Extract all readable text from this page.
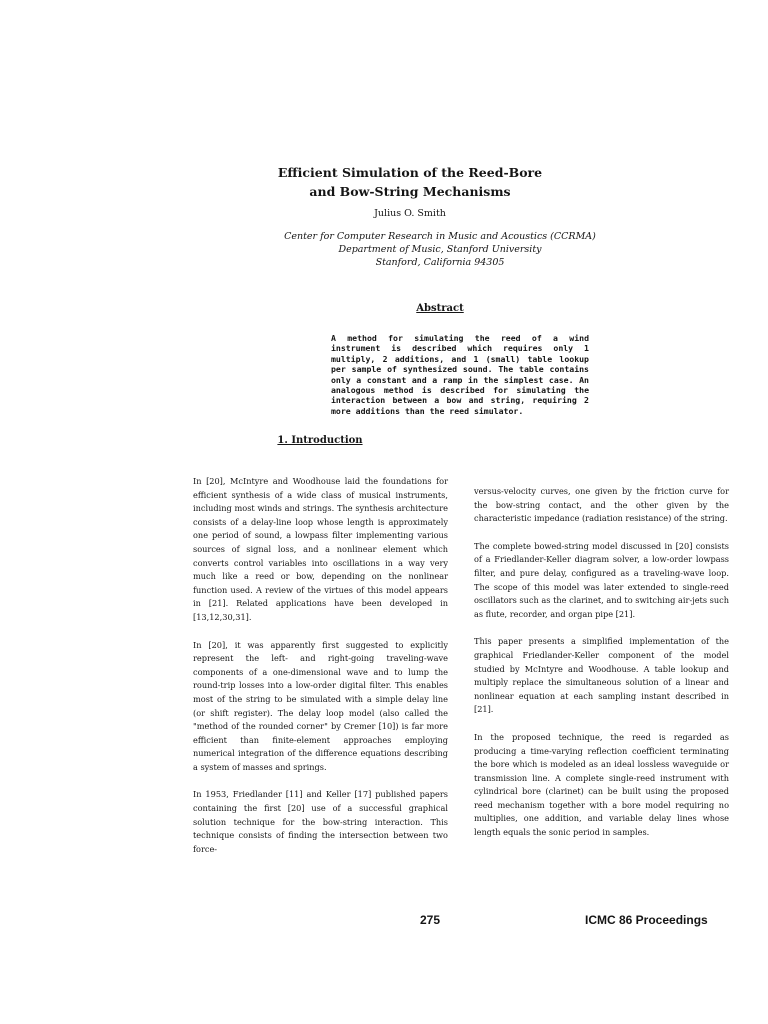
Efficient Simulation of the Reed-Bore
and Bow-String Mechanisms
Julius O. Smith
Center for Computer Research in Music and Acoustics (CCRMA)
Department of Music, Stanford University
Stanford, California 94305
Abstract

A method for simulating the reed of a wind instrument is described which requires only 1 multiply, 2 additions, and 1 (small) table lookup per sample of synthesized sound. The table contains only a constant and a ramp in the simplest case. An analogous method is described for simulating the interaction between a bow and string, requiring 2 more additions than the reed simulator.

1. Introduction

In [20], McIntyre and Woodhouse laid the foundations for efficient synthesis of a wide class of musical instruments, including most winds and strings. The synthesis architecture consists of a delay-line loop whose length is approximately one period of sound, a lowpass filter implementing various sources of signal loss, and a nonlinear element which converts control variables into oscillations in a way very much like a reed or bow, depending on the nonlinear function used. A review of the virtues of this model appears in [21]. Related applications have been developed in [13,12,30,31].

In [20], it was apparently first suggested to explicitly represent the left- and right-going traveling-wave components of a one-dimensional wave and to lump the round-trip losses into a low-order digital filter. This enables most of the string to be simulated with a simple delay line (or shift register). The delay loop model (also called the "method of the rounded corner" by Cremer [10]) is far more efficient than finite-element approaches employing numerical integration of the difference equations describing a system of masses and springs.

In 1953, Friedlander [11] and Keller [17] published papers containing the first [20] use of a successful graphical solution technique for the bow-string interaction. This technique consists of finding the intersection between two force-

versus-velocity curves, one given by the friction curve for the bow-string contact, and the other given by the characteristic impedance (radiation resistance) of the string.

The complete bowed-string model discussed in [20] consists of a Friedlander-Keller diagram solver, a low-order lowpass filter, and pure delay, configured as a traveling-wave loop. The scope of this model was later extended to single-reed oscillators such as the clarinet, and to switching air-jets such as flute, recorder, and organ pipe [21].

This paper presents a simplified implementation of the graphical Friedlander-Keller component of the model studied by McIntyre and Woodhouse. A table lookup and multiply replace the simultaneous solution of a linear and nonlinear equation at each sampling instant described in [21].

In the proposed technique, the reed is regarded as producing a time-varying reflection coefficient terminating the bore which is modeled as an ideal lossless waveguide or transmission line. A complete single-reed instrument with cylindrical bore (clarinet) can be built using the proposed reed mechanism together with a bore model requiring no multiplies, one addition, and variable delay lines whose length equals the sonic period in samples.

275	ICMC 86 Proceedings
